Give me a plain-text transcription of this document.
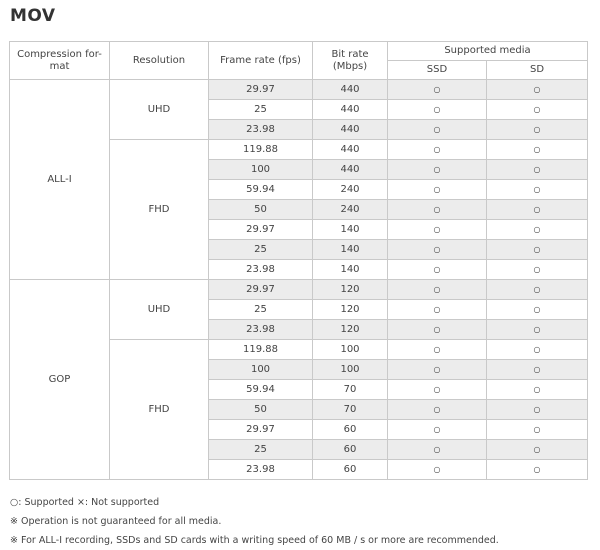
MOV
Compression for-mat	Resolution	Frame rate (fps)	Bit rate (Mbps)	Supported media	
				SSD	SD
ALL-I	UHD	29.97	440	○	○
		25	440	○	○
		23.98	440	○	○
	FHD	119.88	440	○	○
		100	440	○	○
		59.94	240	○	○
		50	240	○	○
		29.97	140	○	○
		25	140	○	○
		23.98	140	○	○
GOP	UHD	29.97	120	○	○
		25	120	○	○
		23.98	120	○	○
	FHD	119.88	100	○	○
		100	100	○	○
		59.94	70	○	○
		50	70	○	○
		29.97	60	○	○
		25	60	○	○
		23.98	60	○	○
○: Supported ×: Not supported
※ Operation is not guaranteed for all media.
※ For ALL-I recording, SSDs and SD cards with a writing speed of 60 MB / s or more are recommended.
